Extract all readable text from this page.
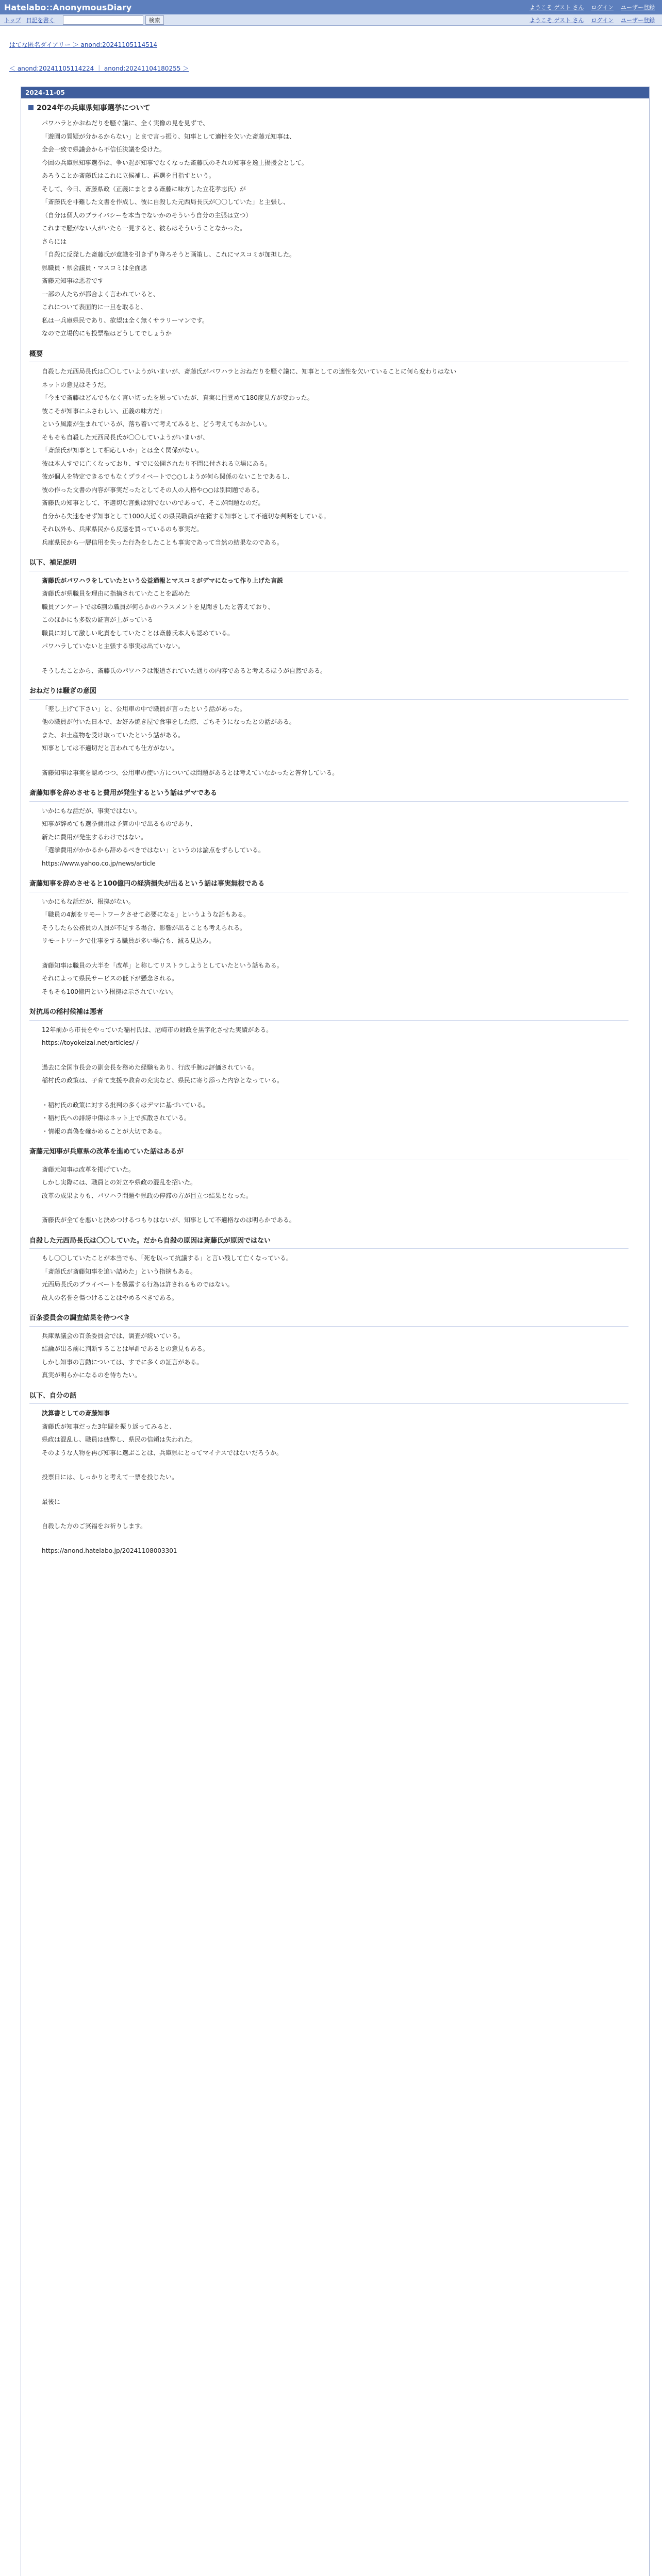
Hatelabo::AnonymousDiary	ようこそ ゲスト さん ログイン ユーザー登録
トップ 日記を書く	検索	ようこそ ゲスト さん ログイン ユーザー登録
はてな匿名ダイアリー ＞ anond:20241105114514
＜ anond:20241105114224 ｜ anond:20241104180255 ＞
2024-11-05
2024年の兵庫県知事選挙について

パワハラとかおねだりを騒ぐ議に、全く実像の見を見ずで、

「遊園の質疑が分かるからない」とまで言っ振り、知事として適性を欠いた斎藤元知事は、

全会一致で県議会から不信任決議を受けた。

今回の兵庫県知事選挙は、争い起が知事でなくなった斎藤氏のそれの知事を逸上揚援会として。

あろうことか斎藤氏はこれに立候補し、再選を目指すという。

そして、今日、斎藤県政（正義にまとまる斎藤に味方した立花孝志氏）が

「斎藤氏を非難した文書を作成し、彼に自殺した元西局長氏が〇〇していた」と主張し、

（自分は個人のプライバシーを本当でないかのそういう自分の主張は立つ）

これまで騒がない人がいたら一見すると、彼らはそういうことなかった。

さらには

「自殺に反発した斎藤氏が意識を引きずり降ろそうと画策し、これにマスコミが加担した。

県職員・県会議員・マスコミは全面悪

斎藤元知事は悪者です

一部の人たちが都合よく言われていると、

これについて表面的に一旦を取ると、

私は一兵庫県民であり、欲望は全く無くサラリーマンです。

なので立場的にも投票権はどうしてでしょうか

概要

自殺した元西局長氏は〇〇していようがいまいが、斎藤氏がパワハラとおねだりを騒ぐ議に、知事としての適性を欠いていることに何ら変わりはない

ネットの意見はそうだ。

「今まで斎藤はどんでもなく言い切ったを思っていたが、真実に目覚めて180度見方が変わった。

彼こそが知事にふさわしい、正義の味方だ」

という風潮が生まれているが、落ち着いて考えてみると、どう考えてもおかしい。

そもそも自殺した元西局長氏が〇〇していようがいまいが、

「斎藤氏が知事として相応しいか」とは全く関係がない。

彼は本人すでに亡くなっており、すでに公開されたり不問に付される立場にある。

彼が個人を特定できるでもなくプライベートで○○しようが何ら関係のないことであるし、

彼の作った文書の内容が事実だったとしてその人の人格や○○は別問題である。

斎藤氏の知事として、不適切な言動は別でないのであって、そこが問題なのだ。

自分から失速をせず知事として1000人近くの県民職員が在籍する知事として不適切な判断をしている。

それ以外も、兵庫県民から反感を買っているのも事実だ。

兵庫県民から一層信用を失った行為をしたことも事実であって当然の結果なのである。

以下、補足説明

斎藤氏がパワハラをしていたという公益通報とマスコミがデマになって作り上げた言説

斎藤氏が県職員を理由に指摘されていたことを認めた

職員アンケートでは6割の職員が何らかのハラスメントを見聞きしたと答えており、

このほかにも多数の証言が上がっている

職員に対して激しい叱責をしていたことは斎藤氏本人も認めている。

パワハラしていないと主張する事実は出ていない。

そうしたことから、斎藤氏のパワハラは報道されていた通りの内容であると考えるほうが自然である。

おねだりは騒ぎの意図

「差し上げて下さい」と、公用車の中で職員が言ったという話があった。

他の職員が付いた日本で、お好み焼き屋で食事をした際、ごちそうになったとの話がある。

また、お土産物を受け取っていたという話がある。

知事としては不適切だと言われても仕方がない。

斎藤知事は事実を認めつつ、公用車の使い方については問題があるとは考えていなかったと答弁している。

斎藤知事を辞めさせると費用が発生するという話はデマである

いかにもな話だが、事実ではない。

知事が辞めても選挙費用は予算の中で出るものであり、

新たに費用が発生するわけではない。

「選挙費用がかかるから辞めるべきではない」というのは論点をずらしている。

https://www.yahoo.co.jp/news/article

斎藤知事を辞めさせると100億円の経済損失が出るという話は事実無根である

いかにもな話だが、根拠がない。

「職員の4割をリモートワークさせて必要になる」というような話もある。

そうしたら公務員の人員が不足する場合、影響が出ることも考えられる。

リモートワークで仕事をする職員が多い場合も、減る見込み。

斎藤知事は職員の大半を「改革」と称してリストラしようとしていたという話もある。

それによって県民サービスの低下が懸念される。

そもそも100億円という根拠は示されていない。

対抗馬の稲村候補は悪者

12年前から市長をやっていた稲村氏は、尼崎市の財政を黒字化させた実績がある。

https://toyokeizai.net/articles/-/

過去に全国市長会の副会長を務めた経験もあり、行政手腕は評価されている。

稲村氏の政策は、子育て支援や教育の充実など、県民に寄り添った内容となっている。

・稲村氏の政策に対する批判の多くはデマに基づいている。

・稲村氏への誹謗中傷はネット上で拡散されている。

・情報の真偽を確かめることが大切である。

斎藤元知事が兵庫県の改革を進めていた話はあるが

斎藤元知事は改革を掲げていた。

しかし実際には、職員との対立や県政の混乱を招いた。

改革の成果よりも、パワハラ問題や県政の停滞の方が目立つ結果となった。

斎藤氏が全てを悪いと決めつけるつもりはないが、知事として不適格なのは明らかである。

自殺した元西局長氏は〇〇していた。だから自殺の原因は斎藤氏が原因ではない

もし〇〇していたことが本当でも、「死を以って抗議する」と言い残して亡くなっている。

「斎藤氏が斎藤知事を追い詰めた」という指摘もある。

元西局長氏のプライベートを暴露する行為は許されるものではない。

故人の名誉を傷つけることはやめるべきである。

百条委員会の調査結果を待つべき

兵庫県議会の百条委員会では、調査が続いている。

結論が出る前に判断することは早計であるとの意見もある。

しかし知事の言動については、すでに多くの証言がある。

真実が明らかになるのを待ちたい。

以下、自分の話

決算書としての斎藤知事

斎藤氏が知事だった3年間を振り返ってみると、

県政は混乱し、職員は疲弊し、県民の信頼は失われた。

そのような人物を再び知事に選ぶことは、兵庫県にとってマイナスではないだろうか。

投票日には、しっかりと考えて一票を投じたい。

最後に

自殺した方のご冥福をお祈りします。

https://anond.hatelabo.jp/20241108003301
